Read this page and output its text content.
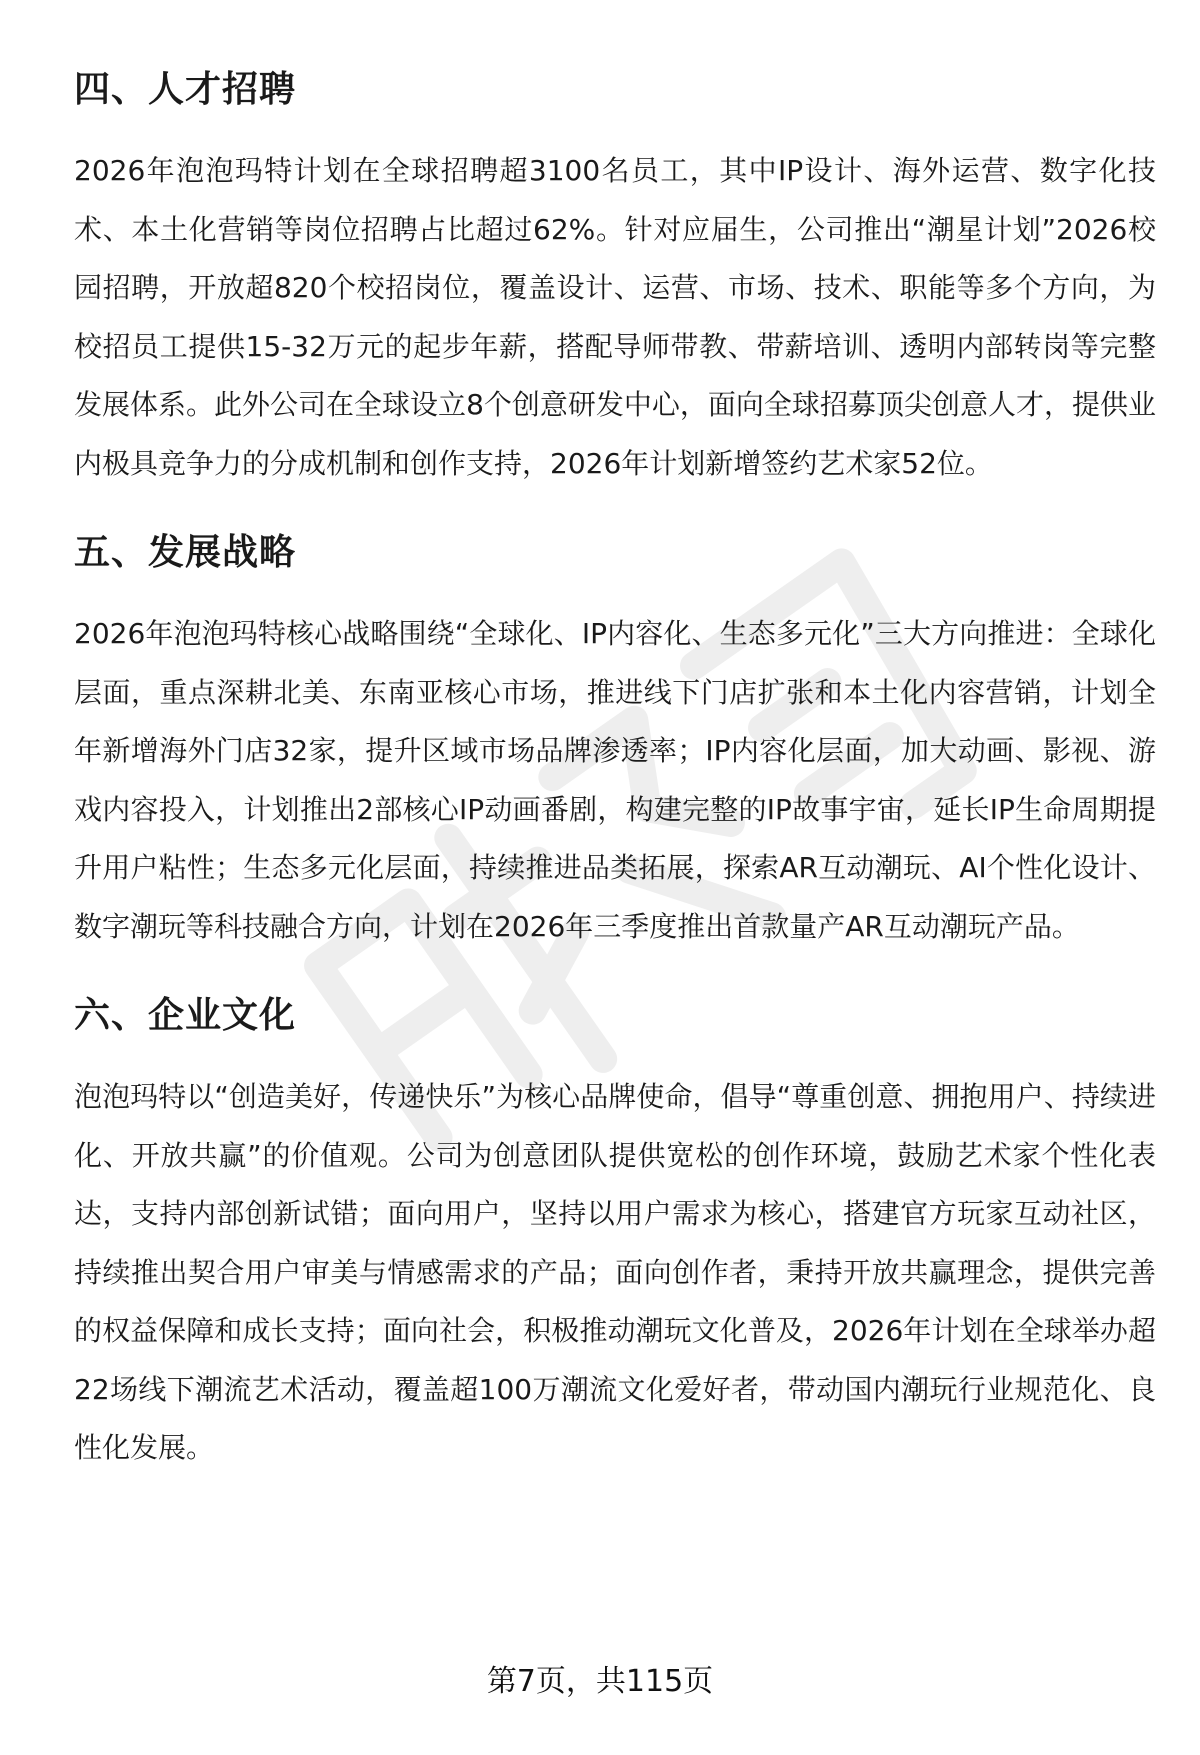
四、人才招聘

2026年泡泡玛特计划在全球招聘超3100名员工，其中IP设计、海外运营、数字化技术、本土化营销等岗位招聘占比超过62%。针对应届生，公司推出“潮星计划”2026校园招聘，开放超820个校招岗位，覆盖设计、运营、市场、技术、职能等多个方向，为校招员工提供15-32万元的起步年薪，搭配导师带教、带薪培训、透明内部转岗等完整发展体系。此外公司在全球设立8个创意研发中心，面向全球招募顶尖创意人才，提供业内极具竞争力的分成机制和创作支持，2026年计划新增签约艺术家52位。

五、发展战略

2026年泡泡玛特核心战略围绕“全球化、IP内容化、生态多元化”三大方向推进：全球化层面，重点深耕北美、东南亚核心市场，推进线下门店扩张和本土化内容营销，计划全年新增海外门店32家，提升区域市场品牌渗透率；IP内容化层面，加大动画、影视、游戏内容投入，计划推出2部核心IP动画番剧，构建完整的IP故事宇宙，延长IP生命周期提升用户粘性；生态多元化层面，持续推进品类拓展，探索AR互动潮玩、AI个性化设计、数字潮玩等科技融合方向，计划在2026年三季度推出首款量产AR互动潮玩产品。

六、企业文化

泡泡玛特以“创造美好，传递快乐”为核心品牌使命，倡导“尊重创意、拥抱用户、持续进化、开放共赢”的价值观。公司为创意团队提供宽松的创作环境，鼓励艺术家个性化表达，支持内部创新试错；面向用户，坚持以用户需求为核心，搭建官方玩家互动社区，持续推出契合用户审美与情感需求的产品；面向创作者，秉持开放共赢理念，提供完善的权益保障和成长支持；面向社会，积极推动潮玩文化普及，2026年计划在全球举办超22场线下潮流艺术活动，覆盖超100万潮流文化爱好者，带动国内潮玩行业规范化、良性化发展。

第7页，共115页
